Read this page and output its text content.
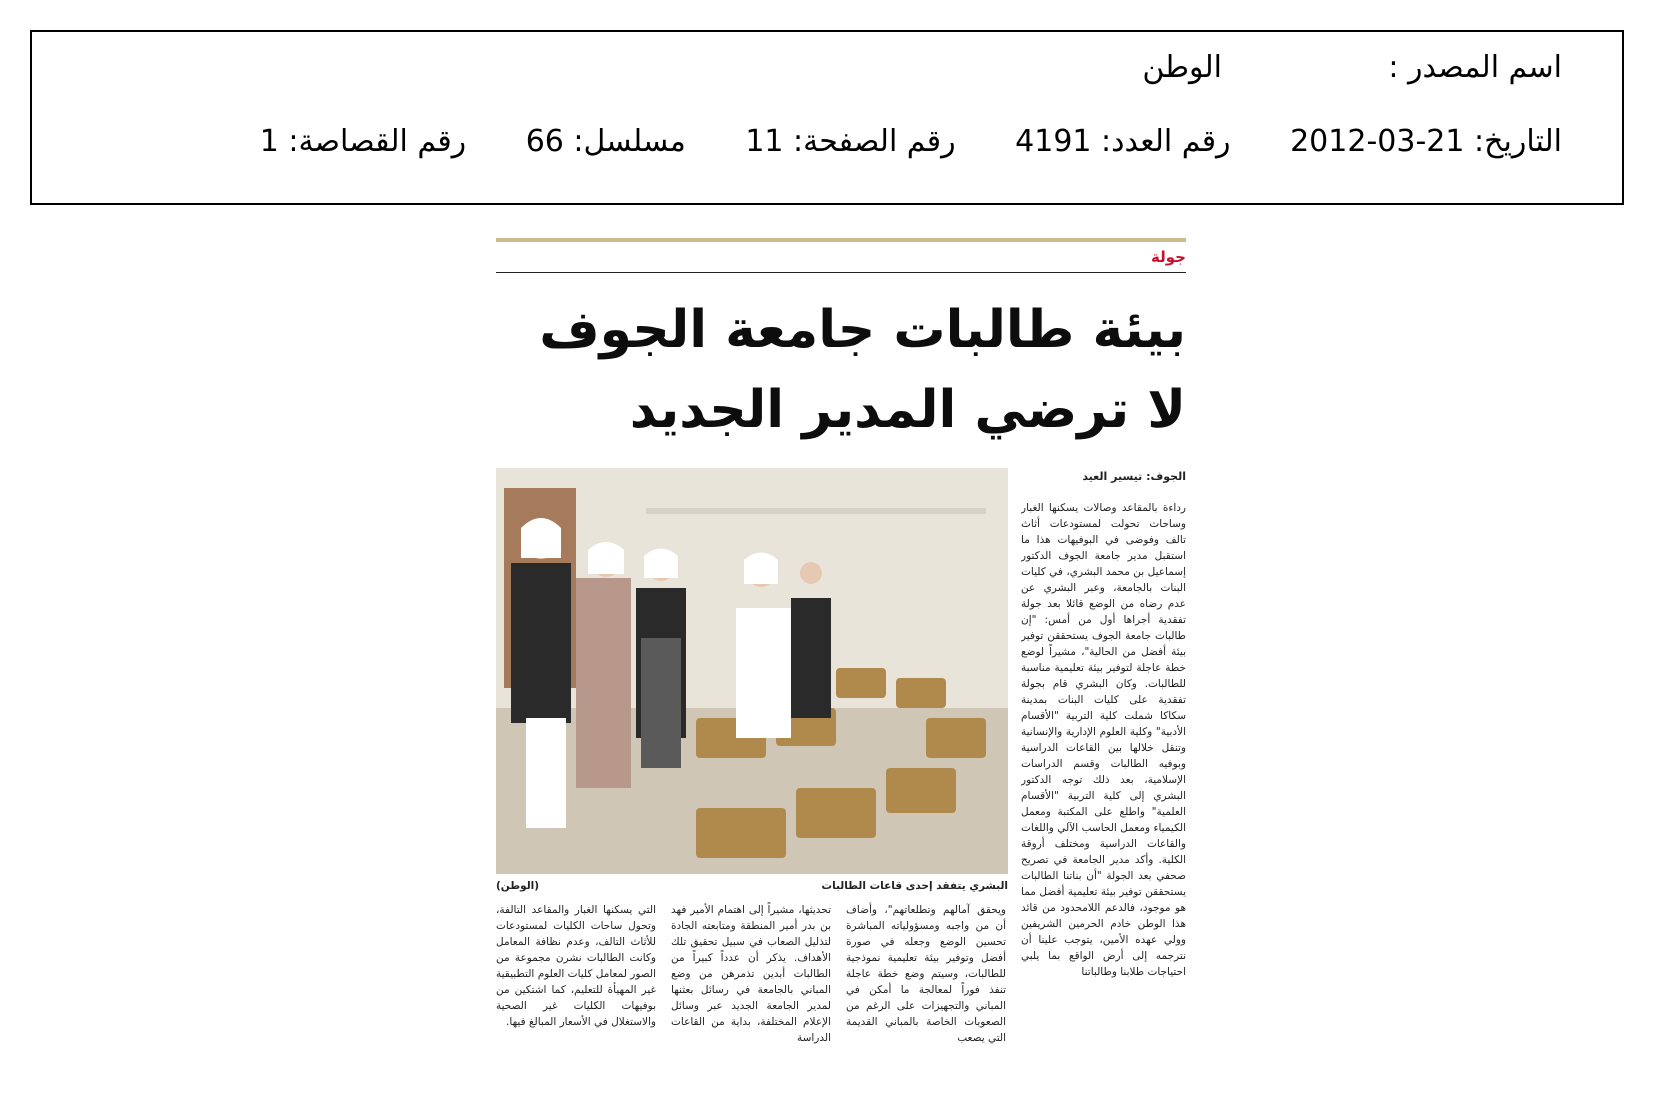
اسم المصدر :
الوطن
التاريخ: 21-03-2012 رقم العدد: 4191 رقم الصفحة: 11 مسلسل: 66 رقم القصاصة: 1
جولة
بيئة طالبات جامعة الجوف
لا ترضي المدير الجديد
الجوف: تيسير العيد
رداءة بالمقاعد وصالات يسكنها الغبار وساحات تحولت لمستودعات أثاث تالف وفوضى في البوفيهات هذا ما استقبل مدير جامعة الجوف الدكتور إسماعيل بن محمد البشري، في كليات البنات بالجامعة، وعبر البشري عن عدم رضاه من الوضع قائلا بعد جولة تفقدية أجراها أول من أمس: "إن طالبات جامعة الجوف يستحققن توفير بيئة أفضل من الحالية"، مشيراً لوضع خطة عاجلة لتوفير بيئة تعليمية مناسبة للطالبات. وكان البشري قام بجولة تفقدية على كليات البنات بمدينة سكاكا شملت كلية التربية "الأقسام الأدبية" وكلية العلوم الإدارية والإنسانية وتنقل خلالها بين القاعات الدراسية وبوفيه الطالبات وقسم الدراسات الإسلامية، بعد ذلك توجه الدكتور البشري إلى كلية التربية "الأقسام العلمية" واطلع على المكتبة ومعمل الكيمياء ومعمل الحاسب الآلي واللغات والقاعات الدراسية ومختلف أروقة الكلية. وأكد مدير الجامعة في تصريح صحفي بعد الجولة "أن بناتنا الطالبات يستحققن توفير بيئة تعليمية أفضل مما هو موجود، فالدعم اللامحدود من قائد هذا الوطن خادم الحرمين الشريفين وولي عهده الأمين، يتوجب علينا أن نترجمه إلى أرض الواقع بما يلبي احتياجات طلابنا وطالباتنا
البشري يتفقد إحدى قاعات الطالبات
(الوطن)
ويحقق آمالهم وتطلعاتهم"، وأضاف أن من واجبه ومسؤولياته المباشرة تحسين الوضع وجعله في صورة أفضل وتوفير بيئة تعليمية نموذجية للطالبات، وسيتم وضع خطة عاجلة تنفذ فوراً لمعالجة ما أمكن في المباني والتجهيزات على الرغم من الصعوبات الخاصة بالمباني القديمة التي يصعب
تحديثها، مشيراً إلى اهتمام الأمير فهد بن بدر أمير المنطقة ومتابعته الجادة لتذليل الصعاب في سبيل تحقيق تلك الأهداف. يذكر أن عدداً كبيراً من الطالبات أبدين تذمرهن من وضع المباني بالجامعة في رسائل بعثنها لمدير الجامعة الجديد عبر وسائل الإعلام المختلفة، بداية من القاعات الدراسة
التي يسكنها الغبار والمقاعد التالفة، وتحول ساحات الكليات لمستودعات للأثاث التالف، وعدم نظافة المعامل وكانت الطالبات نشرن مجموعة من الصور لمعامل كليات العلوم التطبيقية غير المهيأة للتعليم، كما اشتكين من بوفيهات الكليات غير الصحية والاستغلال في الأسعار المبالغ فيها.
